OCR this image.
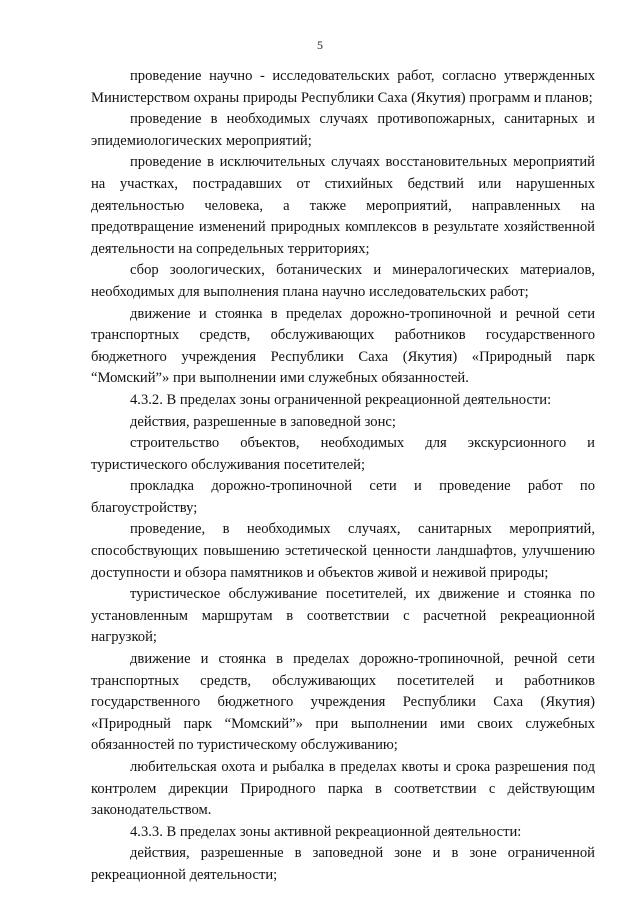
5

проведение научно - исследовательских работ, согласно утвержденных Министерством охраны природы Республики Саха (Якутия) программ и планов;

проведение в необходимых случаях противопожарных, санитарных и эпидемиологических мероприятий;

проведение в исключительных случаях восстановительных мероприятий на участках, пострадавших от стихийных бедствий или нарушенных деятельностью человека, а также мероприятий, направленных на предотвращение изменений природных комплексов в результате хозяйственной деятельности на сопредельных территориях;

сбор зоологических, ботанических и минералогических материалов, необходимых для выполнения плана научно исследовательских работ;

движение и стоянка в пределах дорожно-тропиночной и речной сети транспортных средств, обслуживающих работников государственного бюджетного учреждения Республики Саха (Якутия) «Природный парк “Момский”» при выполнении ими служебных обязанностей.

4.3.2. В пределах зоны ограниченной рекреационной деятельности:

действия, разрешенные в заповедной зонс;

строительство объектов, необходимых для экскурсионного и туристического обслуживания посетителей;

прокладка дорожно-тропиночной сети и проведение работ по благоустройству;

проведение, в необходимых случаях, санитарных мероприятий, способствующих повышению эстетической ценности ландшафтов, улучшению доступности и обзора памятников и объектов живой и неживой природы;

туристическое обслуживание посетителей, их движение и стоянка по установленным маршрутам в соответствии с расчетной рекреационной нагрузкой;

движение и стоянка в пределах дорожно-тропиночной, речной сети транспортных средств, обслуживающих посетителей и работников государственного бюджетного учреждения Республики Саха (Якутия) «Природный парк “Момский”» при выполнении ими своих служебных обязанностей по туристическому обслуживанию;

любительская охота и рыбалка в пределах квоты и срока разрешения под контролем дирекции Природного парка в соответствии с действующим законодательством.

4.3.3. В пределах зоны активной рекреационной деятельности:

действия, разрешенные в заповедной зоне и в зоне ограниченной рекреационной деятельности;
